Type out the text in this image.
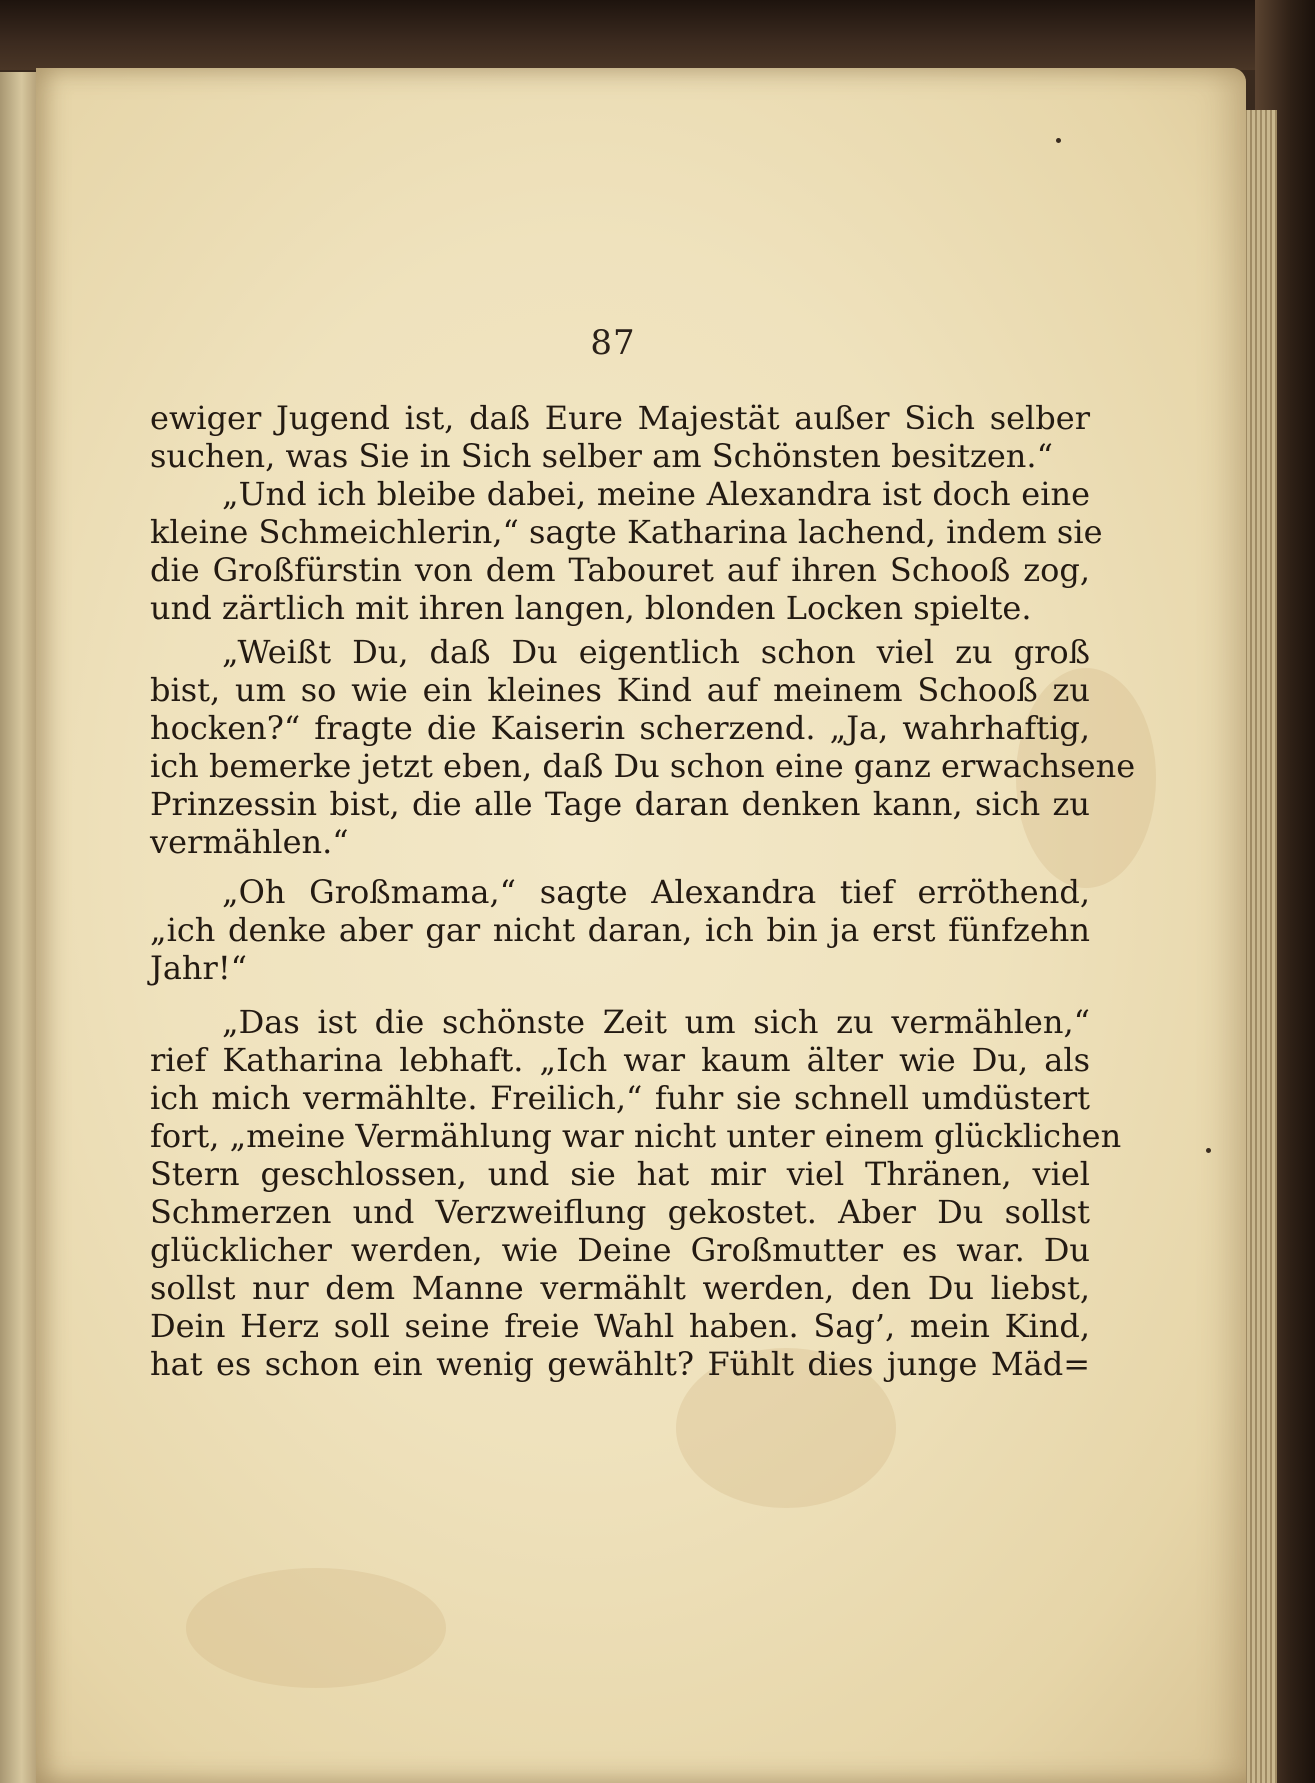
87
ewiger Jugend ist, daß Eure Majestät außer Sich selber
suchen, was Sie in Sich selber am Schönsten besitzen.“
„Und ich bleibe dabei, meine Alexandra ist doch eine
kleine Schmeichlerin,“ sagte Katharina lachend, indem sie
die Großfürstin von dem Tabouret auf ihren Schooß zog,
und zärtlich mit ihren langen, blonden Locken spielte.
„Weißt Du, daß Du eigentlich schon viel zu groß
bist, um so wie ein kleines Kind auf meinem Schooß zu
hocken?“ fragte die Kaiserin scherzend. „Ja, wahrhaftig,
ich bemerke jetzt eben, daß Du schon eine ganz erwachsene
Prinzessin bist, die alle Tage daran denken kann, sich zu
vermählen.“
„Oh Großmama,“ sagte Alexandra tief erröthend,
„ich denke aber gar nicht daran, ich bin ja erst fünfzehn
Jahr!“
„Das ist die schönste Zeit um sich zu vermählen,“
rief Katharina lebhaft. „Ich war kaum älter wie Du, als
ich mich vermählte. Freilich,“ fuhr sie schnell umdüstert
fort, „meine Vermählung war nicht unter einem glücklichen
Stern geschlossen, und sie hat mir viel Thränen, viel
Schmerzen und Verzweiflung gekostet. Aber Du sollst
glücklicher werden, wie Deine Großmutter es war. Du
sollst nur dem Manne vermählt werden, den Du liebst,
Dein Herz soll seine freie Wahl haben. Sag’, mein Kind,
hat es schon ein wenig gewählt? Fühlt dies junge Mäd=
